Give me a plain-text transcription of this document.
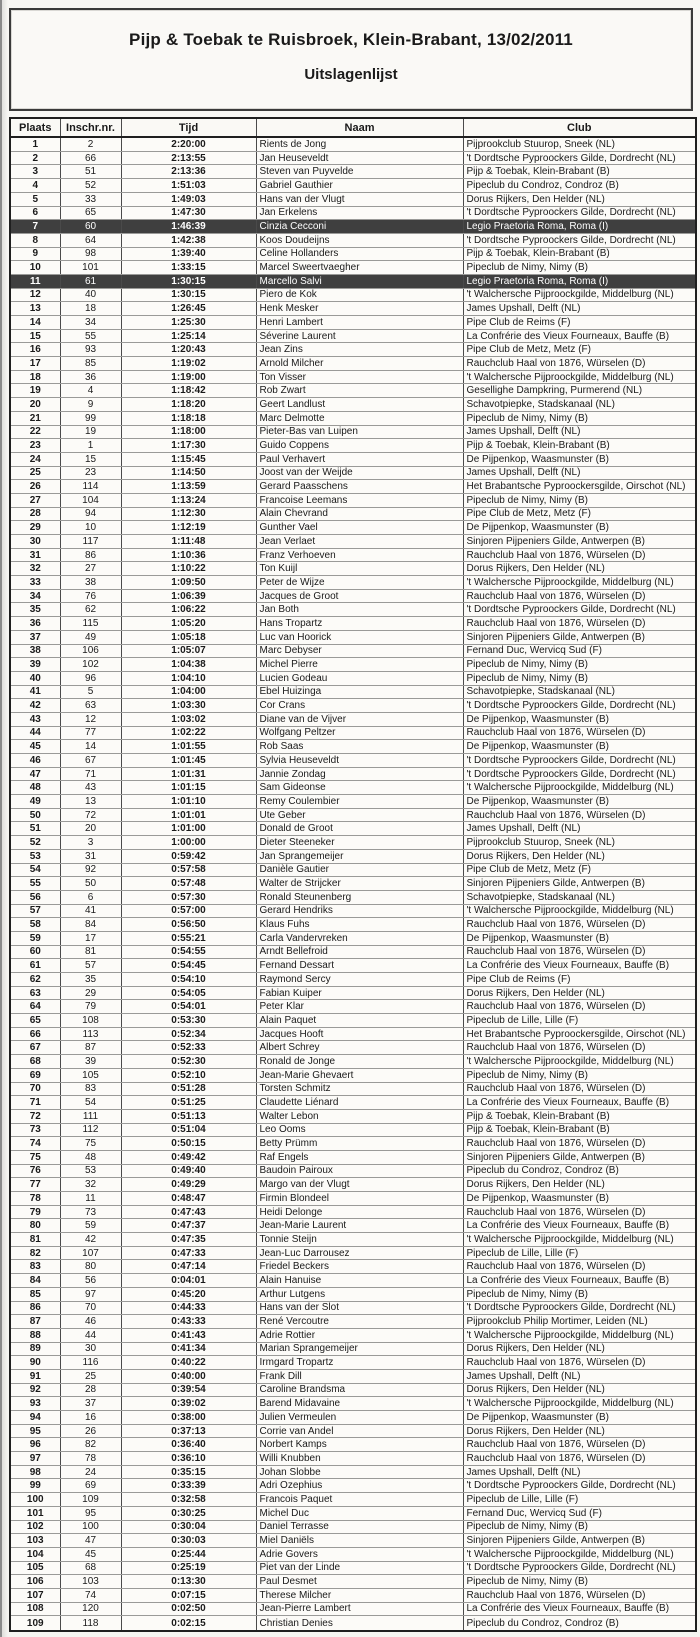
Pijp & Toebak te Ruisbroek, Klein-Brabant, 13/02/2011
Uitslagenlijst
Plaats	Inschr.nr.	Tijd	Naam	Club
1	2	2:20:00	Rients de Jong	Pijprookclub Stuurop, Sneek (NL)
2	66	2:13:55	Jan Heuseveldt	't Dordtsche Pyproockers Gilde, Dordrecht (NL)
3	51	2:13:36	Steven van Puyvelde	Pijp & Toebak, Klein-Brabant (B)
4	52	1:51:03	Gabriel Gauthier	Pipeclub du Condroz, Condroz (B)
5	33	1:49:03	Hans van der Vlugt	Dorus Rijkers, Den Helder (NL)
6	65	1:47:30	Jan Erkelens	't Dordtsche Pyproockers Gilde, Dordrecht (NL)
7	60	1:46:39	Cinzia Cecconi	Legio Praetoria Roma, Roma (I)
8	64	1:42:38	Koos Doudeijns	't Dordtsche Pyproockers Gilde, Dordrecht (NL)
9	98	1:39:40	Celine Hollanders	Pijp & Toebak, Klein-Brabant (B)
10	101	1:33:15	Marcel Sweertvaegher	Pipeclub de Nimy, Nimy (B)
11	61	1:30:15	Marcello Salvi	Legio Praetoria Roma, Roma (I)
12	40	1:30:15	Piero de Kok	't Walchersche Pijproockgilde, Middelburg (NL)
13	18	1:26:45	Henk Mesker	James Upshall, Delft (NL)
14	34	1:25:30	Henri Lambert	Pipe Club de Reims (F)
15	55	1:25:14	Séverine Laurent	La Confrérie des Vieux Fourneaux, Bauffe (B)
16	93	1:20:43	Jean Zins	Pipe Club de Metz, Metz (F)
17	85	1:19:02	Arnold Milcher	Rauchclub Haal von 1876, Würselen (D)
18	36	1:19:00	Ton Visser	't Walchersche Pijproockgilde, Middelburg (NL)
19	4	1:18:42	Rob Zwart	Gesellighe Dampkring, Purmerend (NL)
20	9	1:18:20	Geert Landlust	Schavotpiepke, Stadskanaal (NL)
21	99	1:18:18	Marc Delmotte	Pipeclub de Nimy, Nimy (B)
22	19	1:18:00	Pieter-Bas van Luipen	James Upshall, Delft (NL)
23	1	1:17:30	Guido Coppens	Pijp & Toebak, Klein-Brabant (B)
24	15	1:15:45	Paul Verhavert	De Pijpenkop, Waasmunster (B)
25	23	1:14:50	Joost van der Weijde	James Upshall, Delft (NL)
26	114	1:13:59	Gerard Paasschens	Het Brabantsche Pyproockersgilde, Oirschot (NL)
27	104	1:13:24	Francoise Leemans	Pipeclub de Nimy, Nimy (B)
28	94	1:12:30	Alain Chevrand	Pipe Club de Metz, Metz (F)
29	10	1:12:19	Gunther Vael	De Pijpenkop, Waasmunster (B)
30	117	1:11:48	Jean Verlaet	Sinjoren Pijpeniers Gilde, Antwerpen (B)
31	86	1:10:36	Franz Verhoeven	Rauchclub Haal von 1876, Würselen (D)
32	27	1:10:22	Ton Kuijl	Dorus Rijkers, Den Helder (NL)
33	38	1:09:50	Peter de Wijze	't Walchersche Pijproockgilde, Middelburg (NL)
34	76	1:06:39	Jacques de Groot	Rauchclub Haal von 1876, Würselen (D)
35	62	1:06:22	Jan Both	't Dordtsche Pyproockers Gilde, Dordrecht (NL)
36	115	1:05:20	Hans Tropartz	Rauchclub Haal von 1876, Würselen (D)
37	49	1:05:18	Luc van Hoorick	Sinjoren Pijpeniers Gilde, Antwerpen (B)
38	106	1:05:07	Marc Debyser	Fernand Duc, Wervicq Sud (F)
39	102	1:04:38	Michel Pierre	Pipeclub de Nimy, Nimy (B)
40	96	1:04:10	Lucien Godeau	Pipeclub de Nimy, Nimy (B)
41	5	1:04:00	Ebel Huizinga	Schavotpiepke, Stadskanaal (NL)
42	63	1:03:30	Cor Crans	't Dordtsche Pyproockers Gilde, Dordrecht (NL)
43	12	1:03:02	Diane van de Vijver	De Pijpenkop, Waasmunster (B)
44	77	1:02:22	Wolfgang Peltzer	Rauchclub Haal von 1876, Würselen (D)
45	14	1:01:55	Rob Saas	De Pijpenkop, Waasmunster (B)
46	67	1:01:45	Sylvia Heuseveldt	't Dordtsche Pyproockers Gilde, Dordrecht (NL)
47	71	1:01:31	Jannie Zondag	't Dordtsche Pyproockers Gilde, Dordrecht (NL)
48	43	1:01:15	Sam Gideonse	't Walchersche Pijproockgilde, Middelburg (NL)
49	13	1:01:10	Remy Coulembier	De Pijpenkop, Waasmunster (B)
50	72	1:01:01	Ute Geber	Rauchclub Haal von 1876, Würselen (D)
51	20	1:01:00	Donald de Groot	James Upshall, Delft (NL)
52	3	1:00:00	Dieter Steeneker	Pijprookclub Stuurop, Sneek (NL)
53	31	0:59:42	Jan Sprangemeijer	Dorus Rijkers, Den Helder (NL)
54	92	0:57:58	Danièle Gautier	Pipe Club de Metz, Metz (F)
55	50	0:57:48	Walter de Strijcker	Sinjoren Pijpeniers Gilde, Antwerpen (B)
56	6	0:57:30	Ronald Steunenberg	Schavotpiepke, Stadskanaal (NL)
57	41	0:57:00	Gerard Hendriks	't Walchersche Pijproockgilde, Middelburg (NL)
58	84	0:56:50	Klaus Fuhs	Rauchclub Haal von 1876, Würselen (D)
59	17	0:55:21	Carla Vandervreken	De Pijpenkop, Waasmunster (B)
60	81	0:54:55	Arndt Bellefroid	Rauchclub Haal von 1876, Würselen (D)
61	57	0:54:45	Fernand Dessart	La Confrérie des Vieux Fourneaux, Bauffe (B)
62	35	0:54:10	Raymond Sercy	Pipe Club de Reims (F)
63	29	0:54:05	Fabian Kuiper	Dorus Rijkers, Den Helder (NL)
64	79	0:54:01	Peter Klar	Rauchclub Haal von 1876, Würselen (D)
65	108	0:53:30	Alain Paquet	Pipeclub de Lille, Lille (F)
66	113	0:52:34	Jacques Hooft	Het Brabantsche Pyproockersgilde, Oirschot (NL)
67	87	0:52:33	Albert Schrey	Rauchclub Haal von 1876, Würselen (D)
68	39	0:52:30	Ronald de Jonge	't Walchersche Pijproockgilde, Middelburg (NL)
69	105	0:52:10	Jean-Marie Ghevaert	Pipeclub de Nimy, Nimy (B)
70	83	0:51:28	Torsten Schmitz	Rauchclub Haal von 1876, Würselen (D)
71	54	0:51:25	Claudette Liénard	La Confrérie des Vieux Fourneaux, Bauffe (B)
72	111	0:51:13	Walter Lebon	Pijp & Toebak, Klein-Brabant (B)
73	112	0:51:04	Leo Ooms	Pijp & Toebak, Klein-Brabant (B)
74	75	0:50:15	Betty Prümm	Rauchclub Haal von 1876, Würselen (D)
75	48	0:49:42	Raf Engels	Sinjoren Pijpeniers Gilde, Antwerpen (B)
76	53	0:49:40	Baudoin Pairoux	Pipeclub du Condroz, Condroz (B)
77	32	0:49:29	Margo van der Vlugt	Dorus Rijkers, Den Helder (NL)
78	11	0:48:47	Firmin Blondeel	De Pijpenkop, Waasmunster (B)
79	73	0:47:43	Heidi Delonge	Rauchclub Haal von 1876, Würselen (D)
80	59	0:47:37	Jean-Marie Laurent	La Confrérie des Vieux Fourneaux, Bauffe (B)
81	42	0:47:35	Tonnie Steijn	't Walchersche Pijproockgilde, Middelburg (NL)
82	107	0:47:33	Jean-Luc Darrousez	Pipeclub de Lille, Lille (F)
83	80	0:47:14	Friedel Beckers	Rauchclub Haal von 1876, Würselen (D)
84	56	0:04:01	Alain Hanuise	La Confrérie des Vieux Fourneaux, Bauffe (B)
85	97	0:45:20	Arthur Lutgens	Pipeclub de Nimy, Nimy (B)
86	70	0:44:33	Hans van der Slot	't Dordtsche Pyproockers Gilde, Dordrecht (NL)
87	46	0:43:33	René Vercoutre	Pijprookclub Philip Mortimer, Leiden (NL)
88	44	0:41:43	Adrie Rottier	't Walchersche Pijproockgilde, Middelburg (NL)
89	30	0:41:34	Marian Sprangemeijer	Dorus Rijkers, Den Helder (NL)
90	116	0:40:22	Irmgard Tropartz	Rauchclub Haal von 1876, Würselen (D)
91	25	0:40:00	Frank Dill	James Upshall, Delft (NL)
92	28	0:39:54	Caroline Brandsma	Dorus Rijkers, Den Helder (NL)
93	37	0:39:02	Barend Midavaine	't Walchersche Pijproockgilde, Middelburg (NL)
94	16	0:38:00	Julien Vermeulen	De Pijpenkop, Waasmunster (B)
95	26	0:37:13	Corrie van Andel	Dorus Rijkers, Den Helder (NL)
96	82	0:36:40	Norbert Kamps	Rauchclub Haal von 1876, Würselen (D)
97	78	0:36:10	Willi Knubben	Rauchclub Haal von 1876, Würselen (D)
98	24	0:35:15	Johan Slobbe	James Upshall, Delft (NL)
99	69	0:33:39	Adri Ozephius	't Dordtsche Pyproockers Gilde, Dordrecht (NL)
100	109	0:32:58	Francois Paquet	Pipeclub de Lille, Lille (F)
101	95	0:30:25	Michel Duc	Fernand Duc, Wervicq Sud (F)
102	100	0:30:04	Daniel Terrasse	Pipeclub de Nimy, Nimy (B)
103	47	0:30:03	Miel Daniëls	Sinjoren Pijpeniers Gilde, Antwerpen (B)
104	45	0:25:44	Adrie Govers	't Walchersche Pijproockgilde, Middelburg (NL)
105	68	0:25:19	Piet van der Linde	't Dordtsche Pyproockers Gilde, Dordrecht (NL)
106	103	0:13:30	Paul Desmet	Pipeclub de Nimy, Nimy (B)
107	74	0:07:15	Therese Milcher	Rauchclub Haal von 1876, Würselen (D)
108	120	0:02:50	Jean-Pierre Lambert	La Confrérie des Vieux Fourneaux, Bauffe (B)
109	118	0:02:15	Christian Denies	Pipeclub du Condroz, Condroz (B)
